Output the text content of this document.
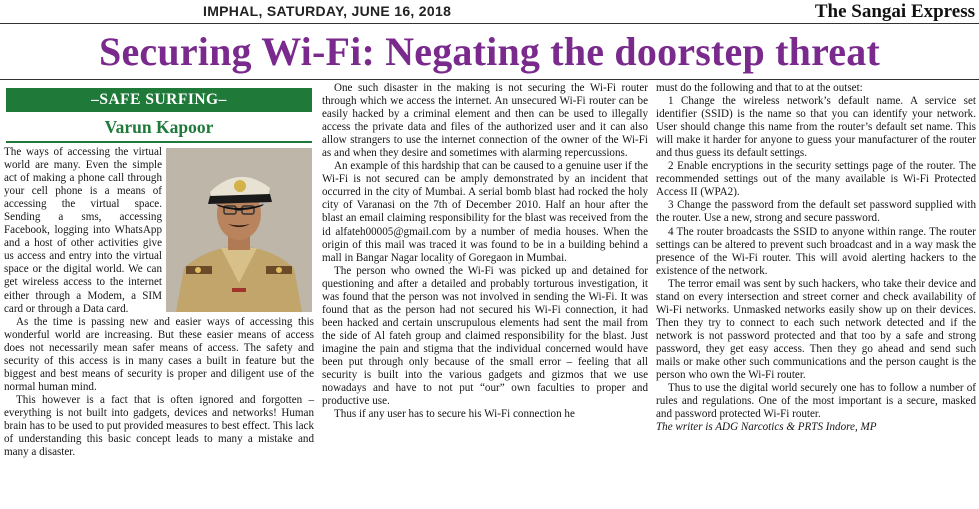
IMPHAL, SATURDAY, JUNE 16, 2018	The Sangai Express
Securing Wi-Fi: Negating the doorstep threat
–SAFE SURFING–
Varun Kapoor

The ways of accessing the virtual world are many. Even the simple act of making a phone call through your cell phone is a means of accessing the virtual space. Sending a sms, accessing Facebook, logging into WhatsApp and a host of other activities give us access and entry into the virtual space or the digital world. We can get wireless access to the internet either through a Modem, a SIM card or through a Data card.

As the time is passing new and easier ways of accessing this wonderful world are increasing. But these easier means of access does not necessarily mean safer means of access. The safety and security of this access is in many cases a built in feature but the biggest and best means of security is proper and diligent use of the normal human mind.

This however is a fact that is often ignored and forgotten – everything is not built into gadgets, devices and networks! Human brain has to be used to put provided measures to best effect. This lack of understanding this basic concept leads to many a mistake and many a disaster.

One such disaster in the making is not securing the Wi-Fi router through which we access the internet. An unsecured Wi-Fi router can be easily hacked by a criminal element and then can be used to illegally access the private data and files of the authorized user and it can also allow strangers to use the internet connection of the owner of the Wi-Fi as and when they desire and sometimes with alarming repercussions.

An example of this hardship that can be caused to a genuine user if the Wi-Fi is not secured can be amply demonstrated by an incident that occurred in the city of Mumbai. A serial bomb blast had rocked the holy city of Varanasi on the 7th of December 2010. Half an hour after the blast an email claiming responsibility for the blast was received from the id alfateh00005@gmail.com by a number of media houses. When the origin of this mail was traced it was found to be in a building behind a mall in Bangar Nagar locality of Goregaon in Mumbai.

The person who owned the Wi-Fi was picked up and detained for questioning and after a detailed and probably torturous investigation, it was found that the person was not involved in sending the Wi-Fi. It was found that as the person had not secured his Wi-Fi connection, it had been hacked and certain unscrupulous elements had sent the mail from the side of Al fateh group and claimed responsibility for the blast. Just imagine the pain and stigma that the individual concerned would have been put through only because of the small error – feeling that all security is built into the various gadgets and gizmos that we use nowadays and have to not put “our” own faculties to proper and productive use.

Thus if any user has to secure his Wi-Fi connection he

must do the following and that to at the outset:

1 Change the wireless network’s default name. A service set identifier (SSID) is the name so that you can identify your network. User should change this name from the router’s default set name. This will make it harder for anyone to guess your manufacturer of the router and thus guess its default settings.

2 Enable encryptions in the security settings page of the router. The recommended settings out of the many available is Wi-Fi Protected Access II (WPA2).

3 Change the password from the default set password supplied with the router. Use a new, strong and secure password.

4 The router broadcasts the SSID to anyone within range. The router settings can be altered to prevent such broadcast and in a way mask the presence of the Wi-Fi router. This will avoid alerting hackers to the existence of the network.

The terror email was sent by such hackers, who take their device and stand on every intersection and street corner and check availability of Wi-Fi networks. Unmasked networks easily show up on their devices. Then they try to connect to each such network detected and if the network is not password protected and that too by a safe and strong password, they get easy access. Then they go ahead and send such mails or make other such communications and the person caught is the person who own the Wi-Fi router.

Thus to use the digital world securely one has to follow a number of rules and regulations. One of the most important is a secure, masked and password protected Wi-Fi router.

The writer is ADG Narcotics & PRTS Indore, MP
